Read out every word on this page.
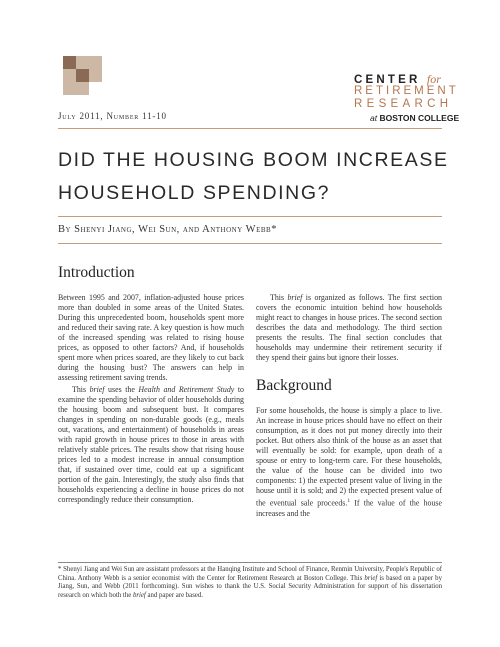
July 2011, Number 11-10
CENTER for
RETIREMENT
RESEARCH
at BOSTON COLLEGE
DID THE HOUSING BOOM INCREASE
HOUSEHOLD SPENDING?
By Shenyi Jiang, Wei Sun, and Anthony Webb*
Introduction

Between 1995 and 2007, inflation-adjusted house prices more than doubled in some areas of the United States. During this unprecedented boom, households spent more and reduced their saving rate. A key question is how much of the increased spending was related to rising house prices, as opposed to other factors? And, if households spent more when prices soared, are they likely to cut back during the housing bust? The answers can help in assessing retirement saving trends.

This brief uses the Health and Retirement Study to examine the spending behavior of older households during the housing boom and subsequent bust. It compares changes in spending on non-durable goods (e.g., meals out, vacations, and entertainment) of households in areas with rapid growth in house prices to those in areas with relatively stable prices. The results show that rising house prices led to a modest increase in annual consumption that, if sustained over time, could eat up a significant portion of the gain. Interestingly, the study also finds that households experiencing a decline in house prices do not correspondingly reduce their consumption.

This brief is organized as follows. The first section covers the economic intuition behind how households might react to changes in house prices. The second section describes the data and methodology. The third section presents the results. The final section concludes that households may undermine their retirement security if they spend their gains but ignore their losses.

Background

For some households, the house is simply a place to live. An increase in house prices should have no effect on their consumption, as it does not put money directly into their pocket. But others also think of the house as an asset that will eventually be sold: for example, upon death of a spouse or entry to long-term care. For these households, the value of the house can be divided into two components: 1) the expected present value of living in the house until it is sold; and 2) the expected present value of the eventual sale proceeds.$^1$ If the value of the house increases and the

* Shenyi Jiang and Wei Sun are assistant professors at the Hanqing Institute and School of Finance, Renmin University, People's Republic of China. Anthony Webb is a senior economist with the Center for Retirement Research at Boston College. This brief is based on a paper by Jiang, Sun, and Webb (2011 forthcoming). Sun wishes to thank the U.S. Social Security Administration for support of his dissertation research on which both the brief and paper are based.
